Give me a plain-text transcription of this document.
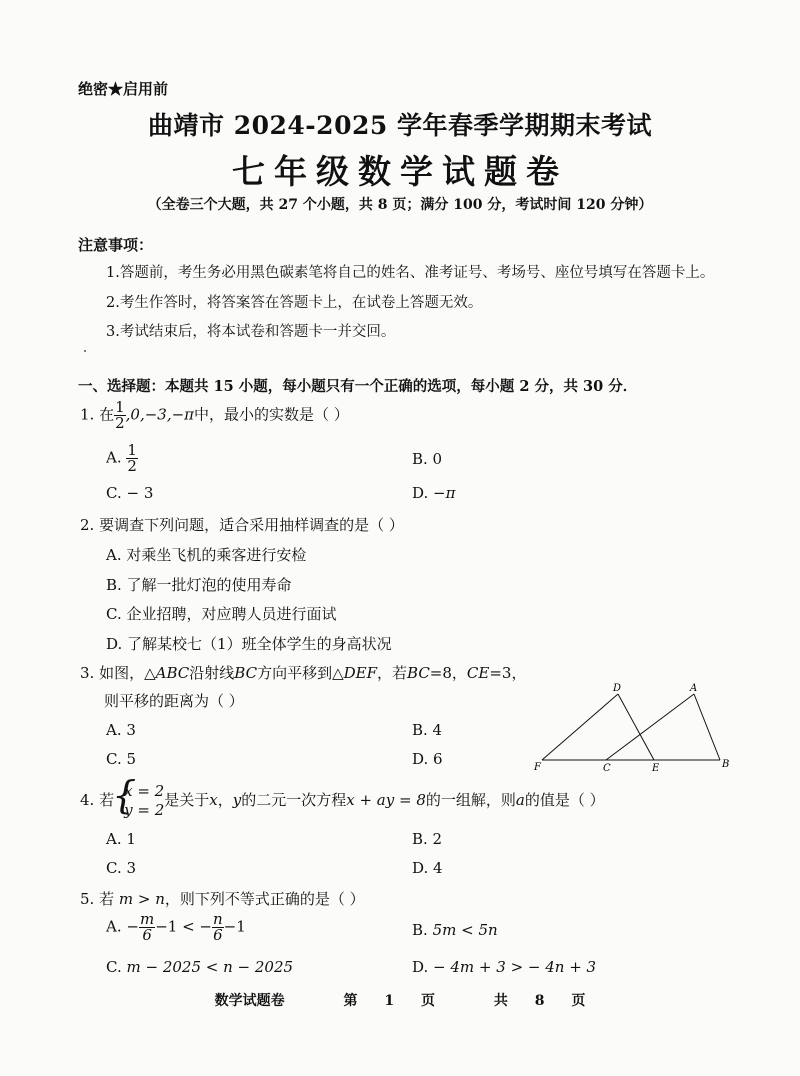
绝密★启用前
曲靖市 2024-2025 学年春季学期期末考试
七年级数学试题卷
（全卷三个大题，共 27 个小题，共 8 页；满分 100 分，考试时间 120 分钟）
注意事项：
1.答题前，考生务必用黑色碳素笔将自己的姓名、准考证号、考场号、座位号填写在答题卡上。
2.考生作答时，将答案答在答题卡上，在试卷上答题无效。
3.考试结束后，将本试卷和答题卡一并交回。
一、选择题：本题共 15 小题，每小题只有一个正确的选项，每小题 2 分，共 30 分．
1. 在 $\frac{1}{2} ,0,-3,-\pi$中，最小的实数是（ ）
A. $\frac{1}{2}$	B. 0
C. − 3	D. −π
2. 要调查下列问题，适合采用抽样调查的是（ ）
A. 对乘坐飞机的乘客进行安检
B. 了解一批灯泡的使用寿命
C. 企业招聘，对应聘人员进行面试
D. 了解某校七（1）班全体学生的身高状况
3. 如图，△ABC沿射线BC方向平移到△DEF，若BC=8，CE=3，
则平移的距离为（ ）
A. 3	B. 4
C. 5	D. 6
D	A
F	C	E	B
4. 若
{ x = 2
y = 2
是关于x，y的二元一次方程x + ay = 8的一组解，则a的值是（ ）
A. 1	B. 2
C. 3	D. 4
5. 若 m > n，则下列不等式正确的是（ ）
A. − $\frac{m}{6} -1$ < − $\frac{n}{6} -1$	B. 5m < 5n
C. m − 2025 < n − 2025	D. − 4m + 3 > − 4n + 3
数学试题卷	第 1 页	共 8 页
